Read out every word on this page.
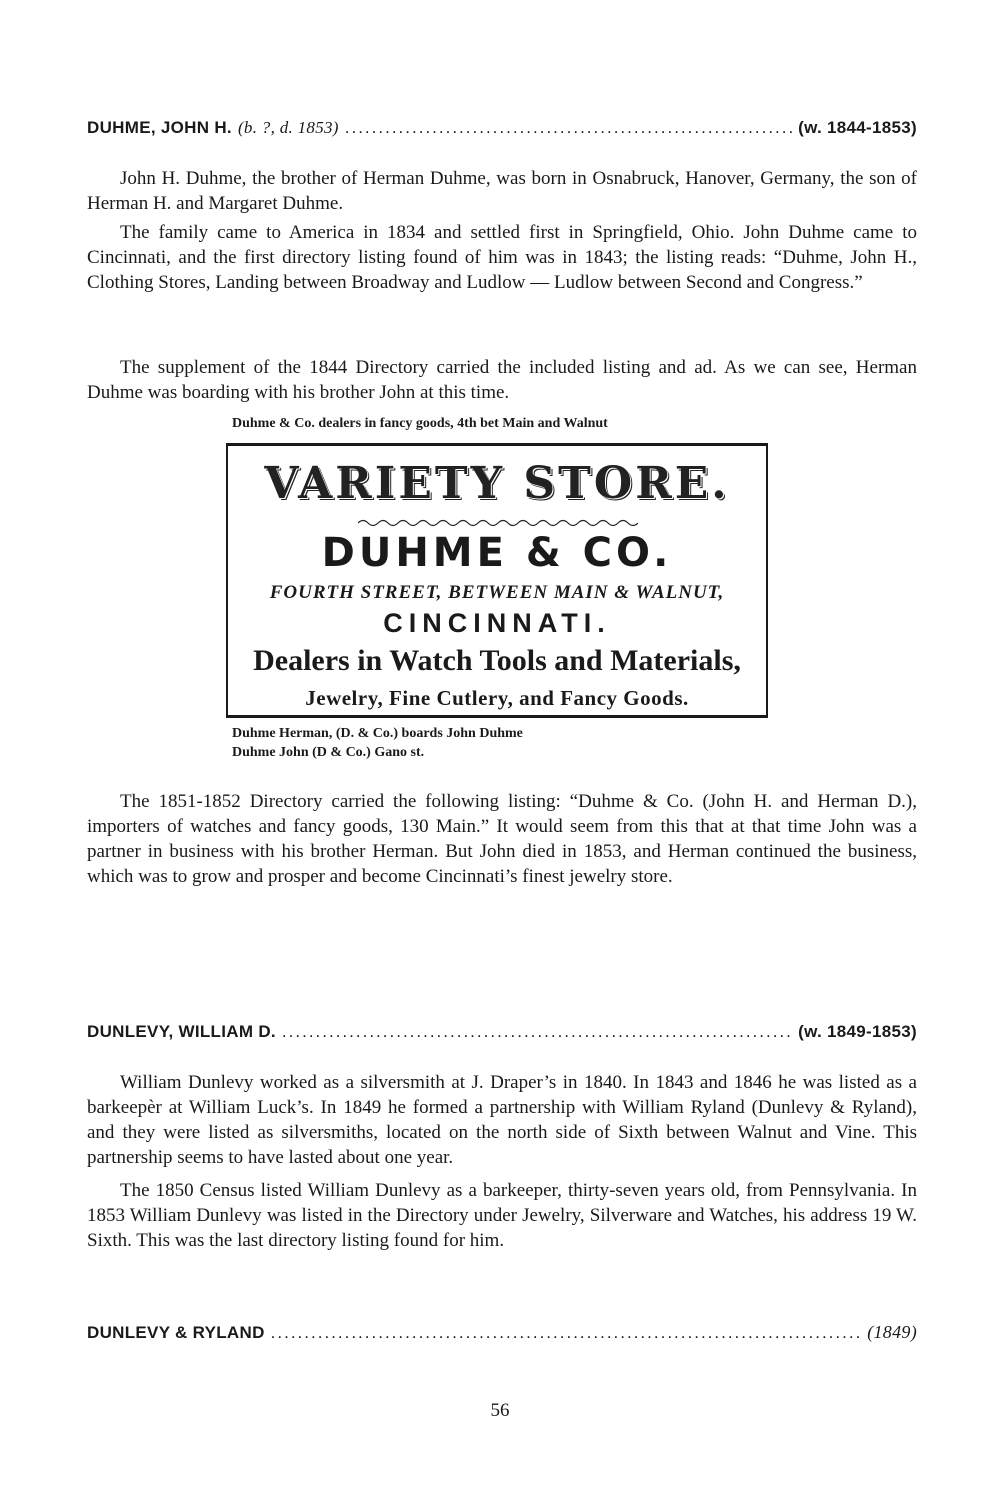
DUHME, JOHN H. (b. ?, d. 1853) .....	(w. 1844-1853)

John H. Duhme, the brother of Herman Duhme, was born in Osnabruck, Hanover, Germany, the son of Herman H. and Margaret Duhme.

The family came to America in 1834 and settled first in Springfield, Ohio. John Duhme came to Cincinnati, and the first directory listing found of him was in 1843; the listing reads: “Duhme, John H., Clothing Stores, Landing between Broadway and Ludlow — Ludlow between Second and Congress.”

The supplement of the 1844 Directory carried the included listing and ad. As we can see, Herman Duhme was boarding with his brother John at this time.

Duhme & Co. dealers in fancy goods, 4th bet Main and Walnut
VARIETY STORE.
DUHME & CO.
FOURTH STREET, BETWEEN MAIN & WALNUT,
CINCINNATI.
Dealers in Watch Tools and Materials,
Jewelry, Fine Cutlery, and Fancy Goods.
Duhme Herman, (D. & Co.) boards John Duhme
Duhme John (D & Co.) Gano st.

The 1851-1852 Directory carried the following listing: “Duhme & Co. (John H. and Herman D.), importers of watches and fancy goods, 130 Main.” It would seem from this that at that time John was a partner in business with his brother Herman. But John died in 1853, and Herman continued the business, which was to grow and prosper and become Cincinnati’s finest jewelry store.

DUNLEVY, WILLIAM D. .....	(w. 1849-1853)

William Dunlevy worked as a silversmith at J. Draper’s in 1840. In 1843 and 1846 he was listed as a barkeepèr at William Luck’s. In 1849 he formed a partnership with William Ryland (Dunlevy & Ryland), and they were listed as silversmiths, located on the north side of Sixth between Walnut and Vine. This partnership seems to have lasted about one year.

The 1850 Census listed William Dunlevy as a barkeeper, thirty-seven years old, from Pennsylvania. In 1853 William Dunlevy was listed in the Directory under Jewelry, Silverware and Watches, his address 19 W. Sixth. This was the last directory listing found for him.

DUNLEVY & RYLAND .....	(1849)
56
